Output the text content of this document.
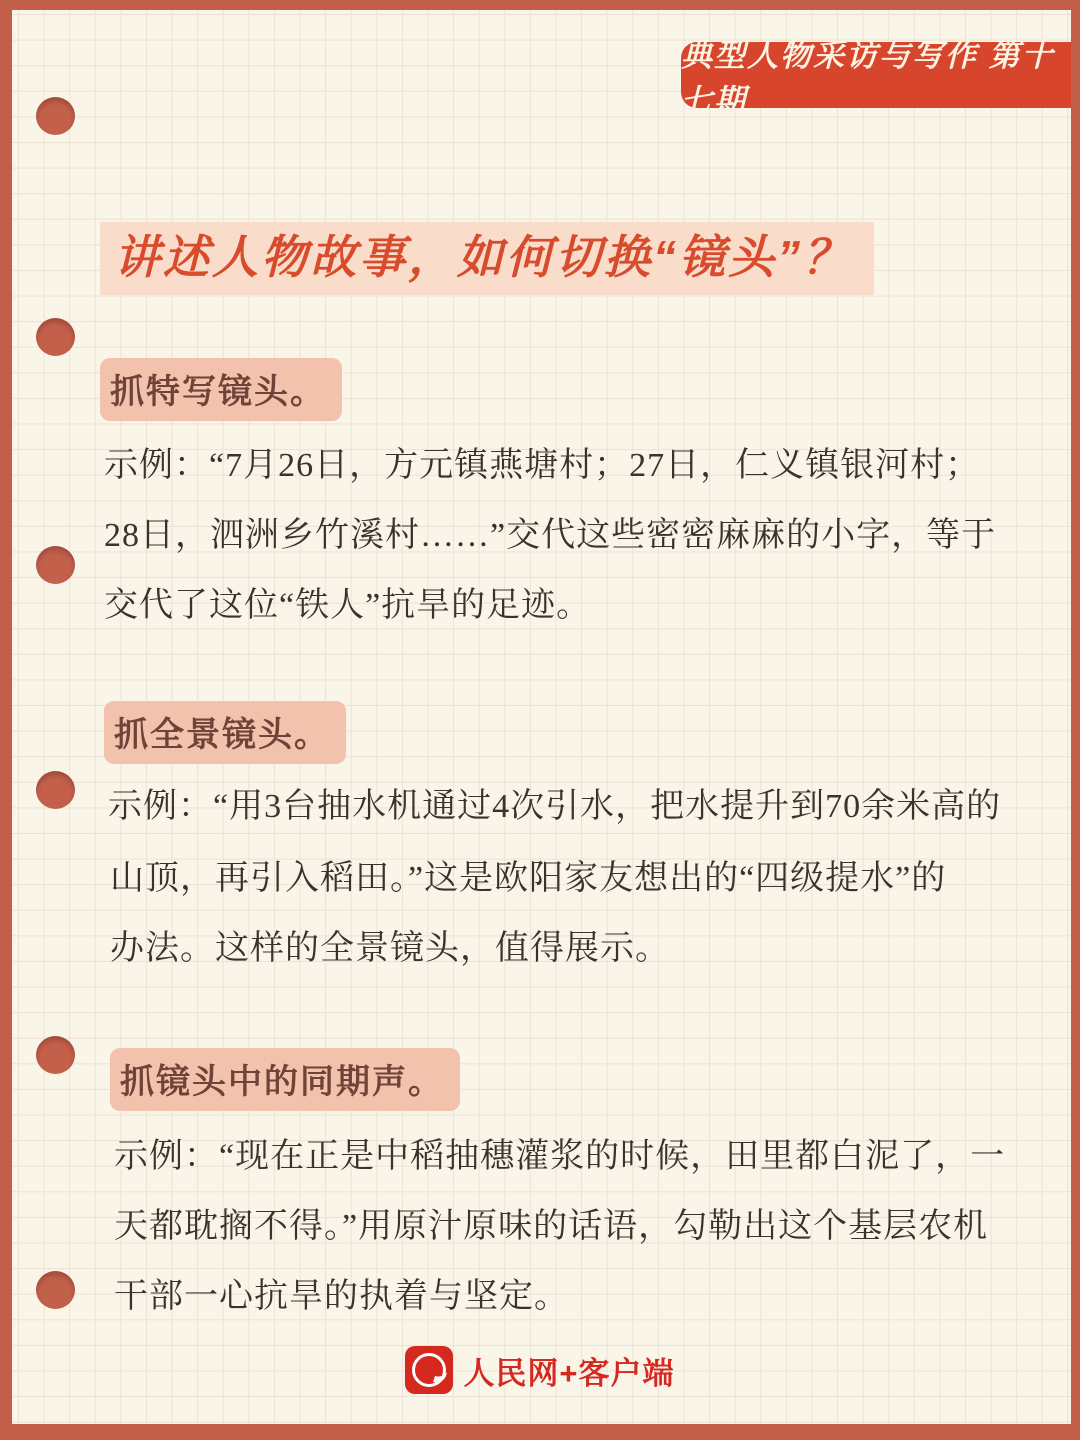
典型人物采访与写作 第十七期
讲述人物故事，如何切换“镜头”？
抓特写镜头。
示例：“7月26日，方元镇燕塘村；27日，仁义镇银河村；
28日，泗洲乡竹溪村……”交代这些密密麻麻的小字，等于
交代了这位“铁人”抗旱的足迹。
抓全景镜头。
示例：“用3台抽水机通过4次引水，把水提升到70余米高的
山顶，再引入稻田。”这是欧阳家友想出的“四级提水”的
办法。这样的全景镜头，值得展示。
抓镜头中的同期声。
示例：“现在正是中稻抽穗灌浆的时候，田里都白泥了，一
天都耽搁不得。”用原汁原味的话语，勾勒出这个基层农机
干部一心抗旱的执着与坚定。
人民网+客户端
